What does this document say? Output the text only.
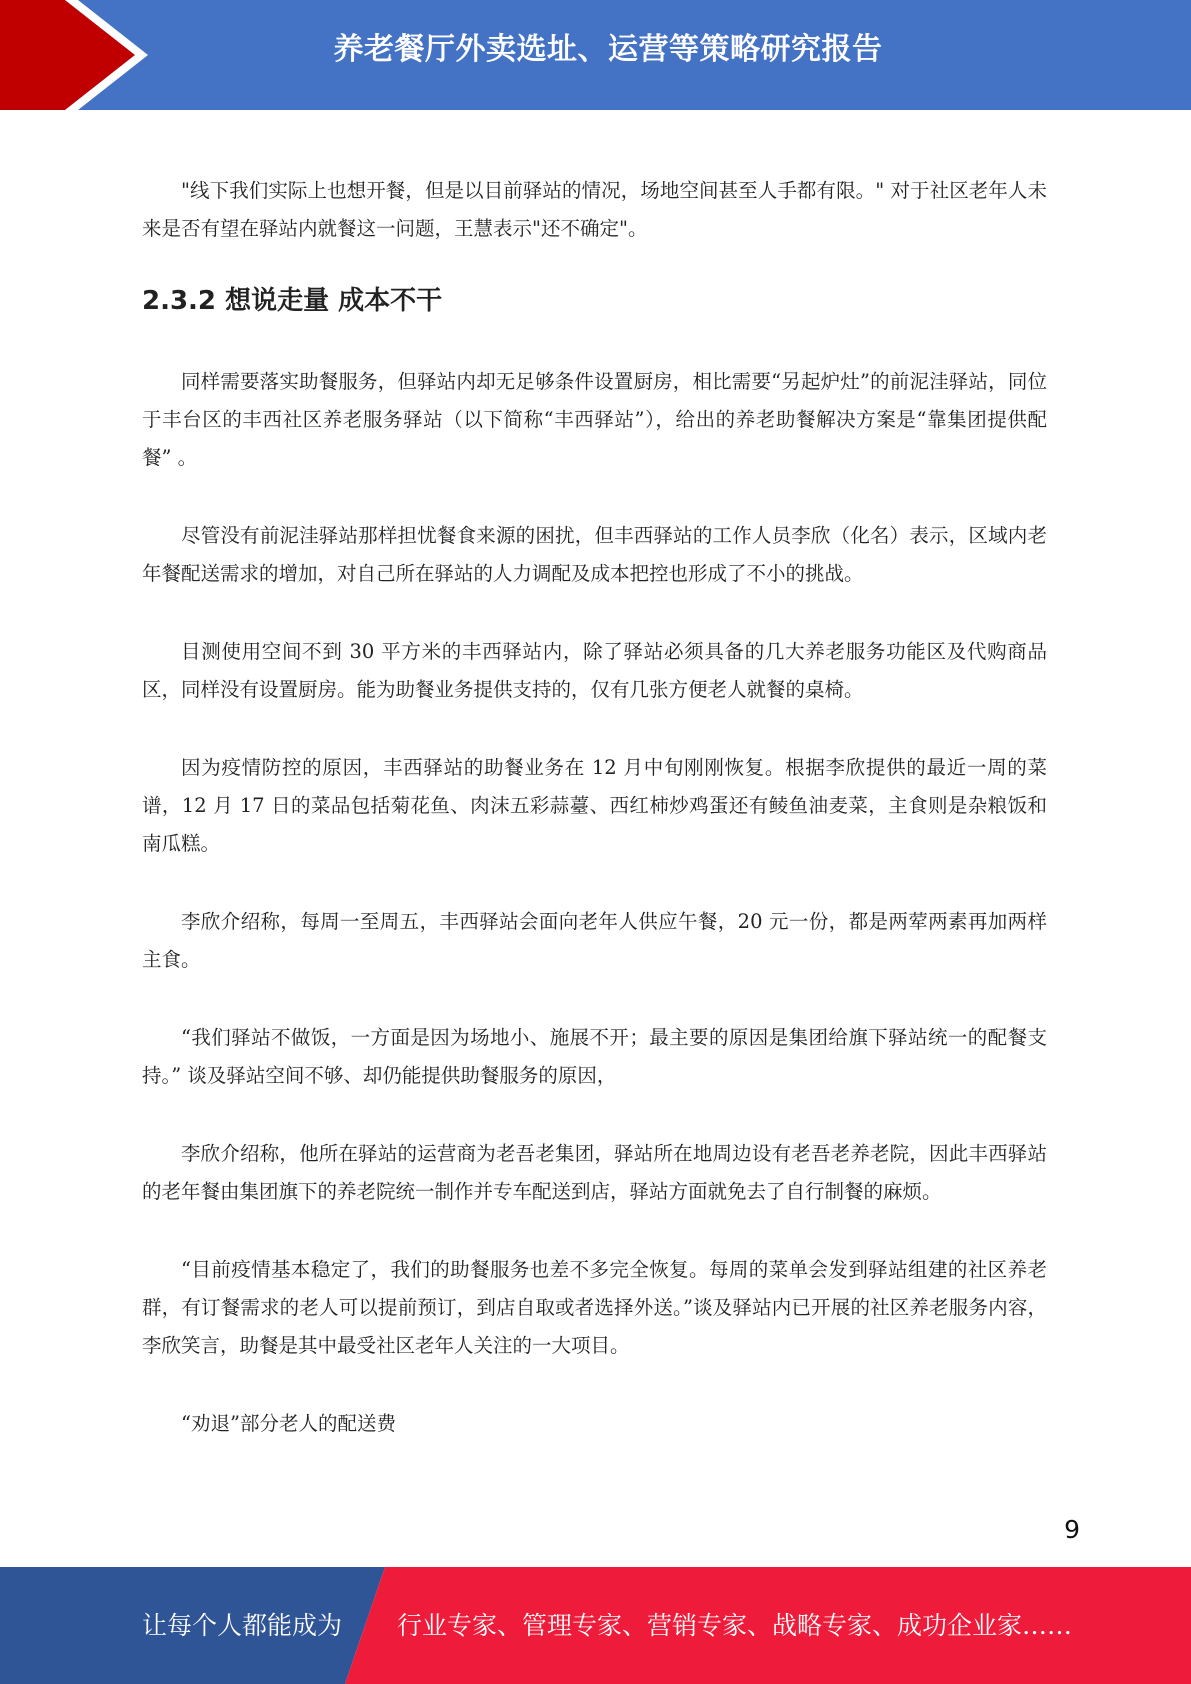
养老餐厅外卖选址、运营等策略研究报告

"线下我们实际上也想开餐，但是以目前驿站的情况，场地空间甚至人手都有限。" 对于社区老年人未来是否有望在驿站内就餐这一问题，王慧表示"还不确定"。

2.3.2 想说走量 成本不干

同样需要落实助餐服务，但驿站内却无足够条件设置厨房，相比需要“另起炉灶”的前泥洼驿站，同位于丰台区的丰西社区养老服务驿站（以下简称“丰西驿站”），给出的养老助餐解决方案是“靠集团提供配餐” 。

尽管没有前泥洼驿站那样担忧餐食来源的困扰，但丰西驿站的工作人员李欣（化名）表示，区域内老年餐配送需求的增加，对自己所在驿站的人力调配及成本把控也形成了不小的挑战。

目测使用空间不到 30 平方米的丰西驿站内，除了驿站必须具备的几大养老服务功能区及代购商品区，同样没有设置厨房。能为助餐业务提供支持的，仅有几张方便老人就餐的桌椅。

因为疫情防控的原因，丰西驿站的助餐业务在 12 月中旬刚刚恢复。根据李欣提供的最近一周的菜谱，12 月 17 日的菜品包括菊花鱼、肉沫五彩蒜薹、西红柿炒鸡蛋还有鲮鱼油麦菜，主食则是杂粮饭和南瓜糕。

李欣介绍称，每周一至周五，丰西驿站会面向老年人供应午餐，20 元一份，都是两荤两素再加两样主食。

“我们驿站不做饭，一方面是因为场地小、施展不开；最主要的原因是集团给旗下驿站统一的配餐支持。” 谈及驿站空间不够、却仍能提供助餐服务的原因，

李欣介绍称，他所在驿站的运营商为老吾老集团，驿站所在地周边设有老吾老养老院，因此丰西驿站的老年餐由集团旗下的养老院统一制作并专车配送到店，驿站方面就免去了自行制餐的麻烦。

“目前疫情基本稳定了，我们的助餐服务也差不多完全恢复。每周的菜单会发到驿站组建的社区养老群，有订餐需求的老人可以提前预订，到店自取或者选择外送。”谈及驿站内已开展的社区养老服务内容，李欣笑言，助餐是其中最受社区老年人关注的一大项目。

“劝退”部分老人的配送费

9
让每个人都能成为 行业专家、管理专家、营销专家、战略专家、成功企业家……
